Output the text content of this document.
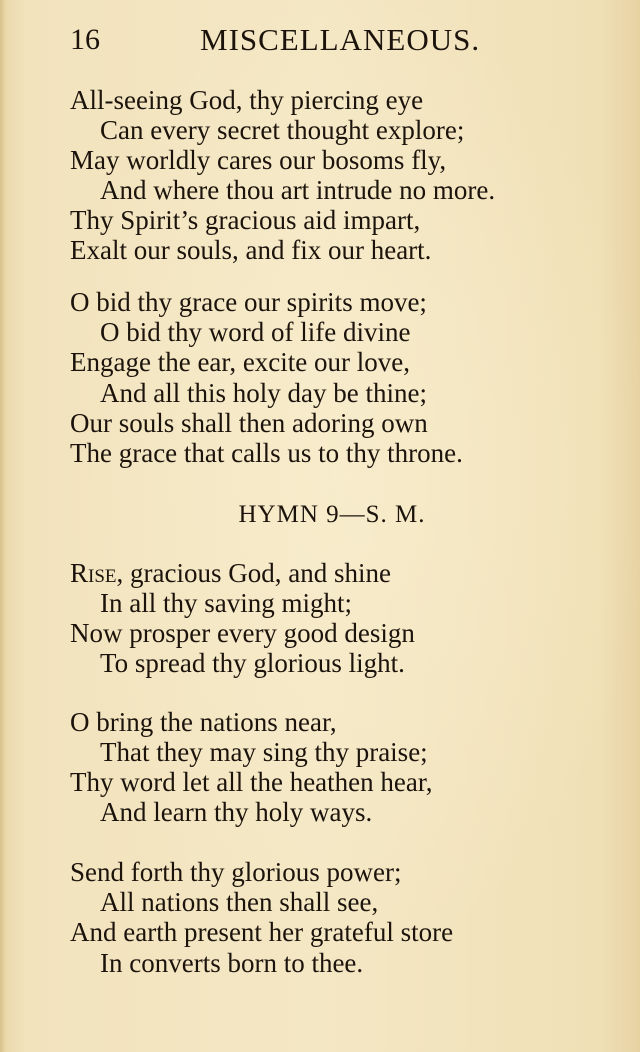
16	MISCELLANEOUS.
All-seeing God, thy piercing eye
Can every secret thought explore;
May worldly cares our bosoms fly,
And where thou art intrude no more.
Thy Spirit’s gracious aid impart,
Exalt our souls, and fix our heart.
O bid thy grace our spirits move;
O bid thy word of life divine
Engage the ear, excite our love,
And all this holy day be thine;
Our souls shall then adoring own
The grace that calls us to thy throne.
HYMN 9—S. M.
Rise, gracious God, and shine
In all thy saving might;
Now prosper every good design
To spread thy glorious light.
O bring the nations near,
That they may sing thy praise;
Thy word let all the heathen hear,
And learn thy holy ways.
Send forth thy glorious power;
All nations then shall see,
And earth present her grateful store
In converts born to thee.
